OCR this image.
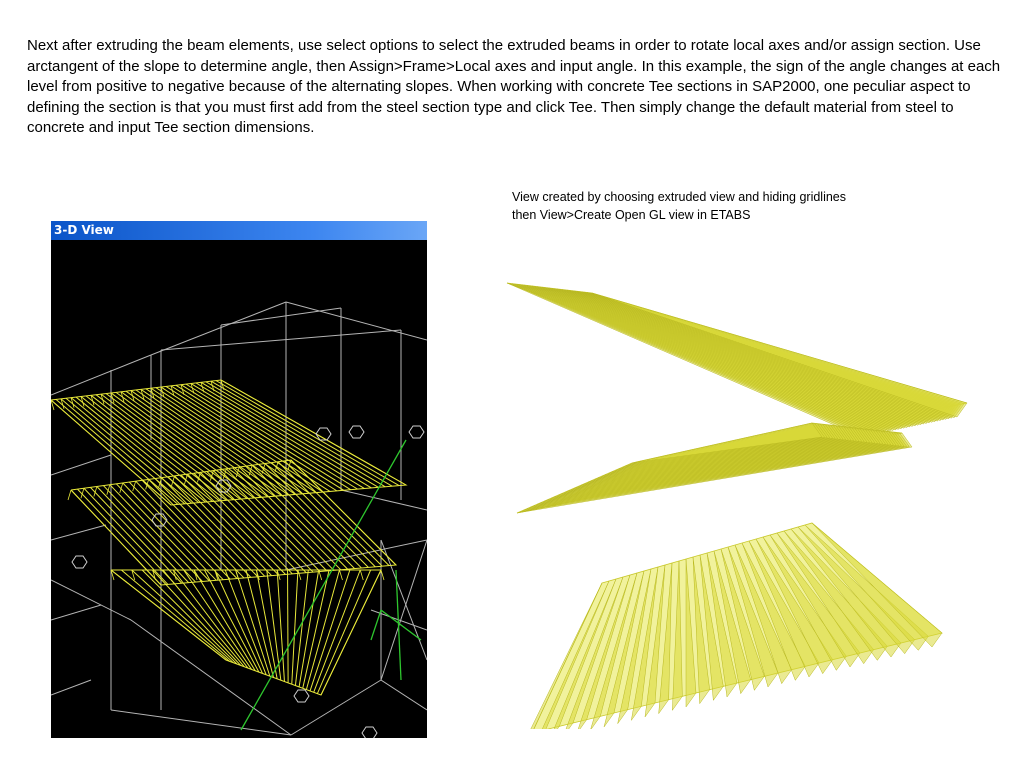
Next after extruding the beam elements, use select options to select the extruded beams in order to rotate local axes and/or assign section. Use arctangent of the slope to determine angle, then Assign>Frame>Local axes and input angle. In this example, the sign of the angle changes at each level from positive to negative because of the alternating slopes. When working with concrete Tee sections in SAP2000, one peculiar aspect to defining the section is that you must first add from the steel section type and click Tee. Then simply change the default material from steel to concrete and input Tee section dimensions.

View created by choosing extruded view and hiding gridlines
then View>Create Open GL view in ETABS

3-D View
